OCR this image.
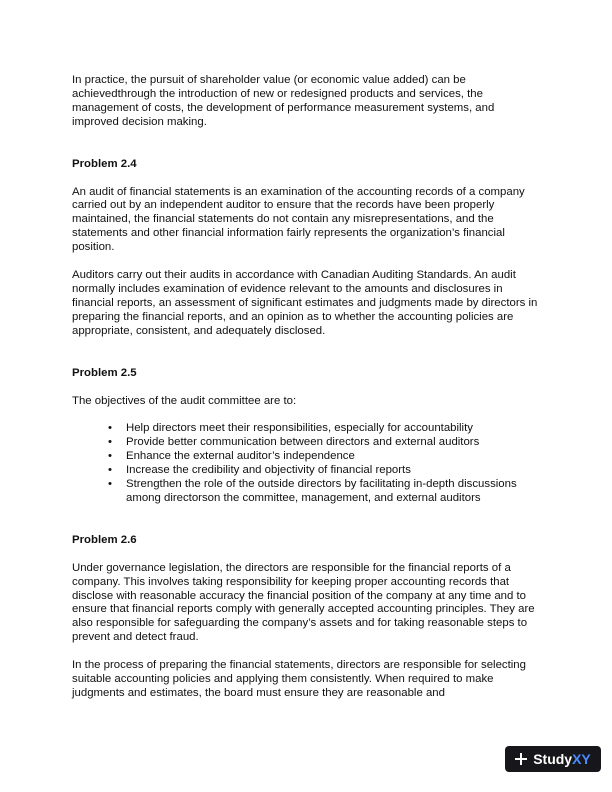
In practice, the pursuit of shareholder value (or economic value added) can be achievedthrough the introduction of new or redesigned products and services, the management of costs, the development of performance measurement systems, and improved decision making.

Problem 2.4

An audit of financial statements is an examination of the accounting records of a company carried out by an independent auditor to ensure that the records have been properly maintained, the financial statements do not contain any misrepresentations, and the statements and other financial information fairly represents the organization’s financial position.

Auditors carry out their audits in accordance with Canadian Auditing Standards. An audit normally includes examination of evidence relevant to the amounts and disclosures in financial reports, an assessment of significant estimates and judgments made by directors in preparing the financial reports, and an opinion as to whether the accounting policies are appropriate, consistent, and adequately disclosed.

Problem 2.5

The objectives of the audit committee are to:

• Help directors meet their responsibilities, especially for accountability
• Provide better communication between directors and external auditors
• Enhance the external auditor’s independence
• Increase the credibility and objectivity of financial reports
• Strengthen the role of the outside directors by facilitating in-depth discussions among directorson the committee, management, and external auditors

Problem 2.6

Under governance legislation, the directors are responsible for the financial reports of a company. This involves taking responsibility for keeping proper accounting records that disclose with reasonable accuracy the financial position of the company at any time and to ensure that financial reports comply with generally accepted accounting principles. They are also responsible for safeguarding the company’s assets and for taking reasonable steps to prevent and detect fraud.

In the process of preparing the financial statements, directors are responsible for selecting suitable accounting policies and applying them consistently. When required to make judgments and estimates, the board must ensure they are reasonable and

Study XY
